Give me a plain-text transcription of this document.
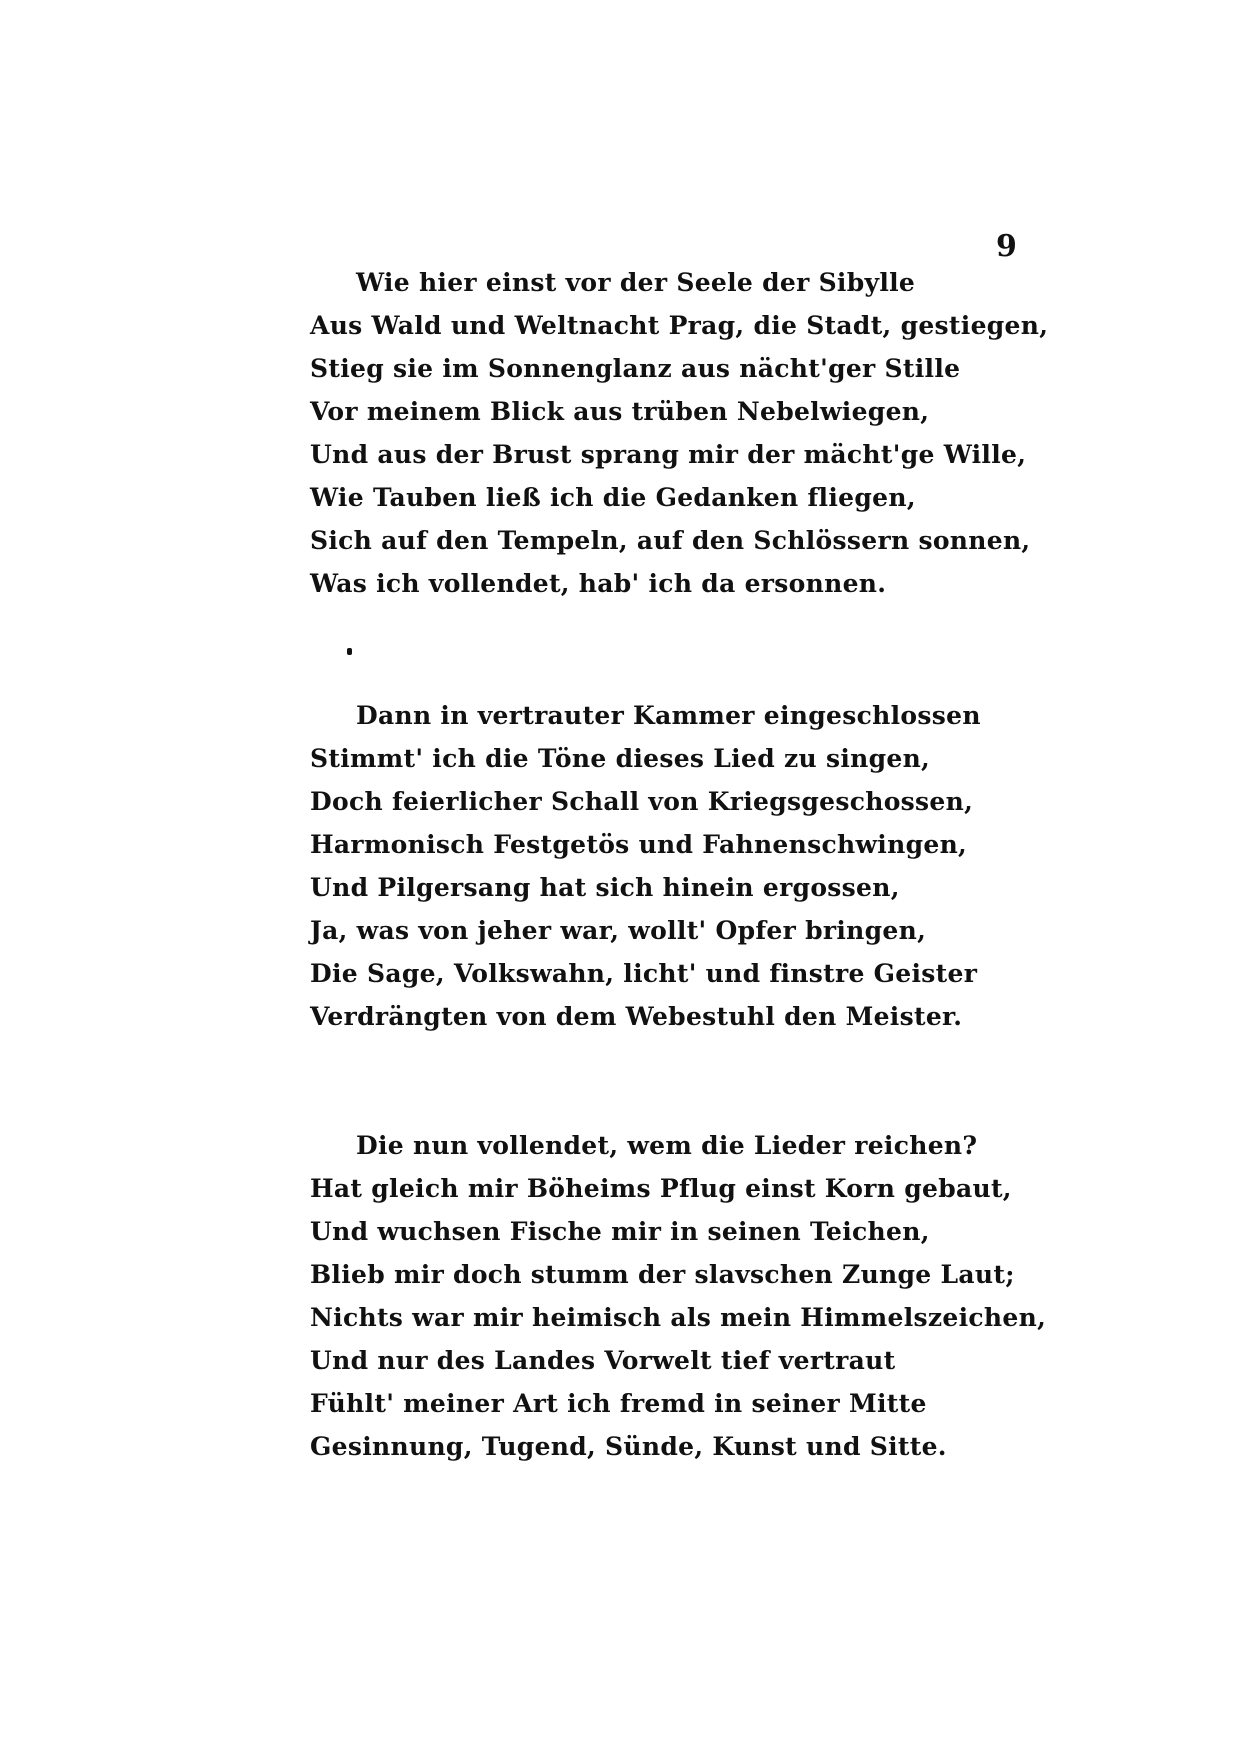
9
Wie hier einst vor der Seele der Sibylle
Aus Wald und Weltnacht Prag, die Stadt, gestiegen,
Stieg sie im Sonnenglanz aus nächt'ger Stille
Vor meinem Blick aus trüben Nebelwiegen,
Und aus der Brust sprang mir der mächt'ge Wille,
Wie Tauben ließ ich die Gedanken fliegen,
Sich auf den Tempeln, auf den Schlössern sonnen,
Was ich vollendet, hab' ich da ersonnen.
Dann in vertrauter Kammer eingeschlossen
Stimmt' ich die Töne dieses Lied zu singen,
Doch feierlicher Schall von Kriegsgeschossen,
Harmonisch Festgetös und Fahnenschwingen,
Und Pilgersang hat sich hinein ergossen,
Ja, was von jeher war, wollt' Opfer bringen,
Die Sage, Volkswahn, licht' und finstre Geister
Verdrängten von dem Webestuhl den Meister.
Die nun vollendet, wem die Lieder reichen?
Hat gleich mir Böheims Pflug einst Korn gebaut,
Und wuchsen Fische mir in seinen Teichen,
Blieb mir doch stumm der slavschen Zunge Laut;
Nichts war mir heimisch als mein Himmelszeichen,
Und nur des Landes Vorwelt tief vertraut
Fühlt' meiner Art ich fremd in seiner Mitte
Gesinnung, Tugend, Sünde, Kunst und Sitte.
